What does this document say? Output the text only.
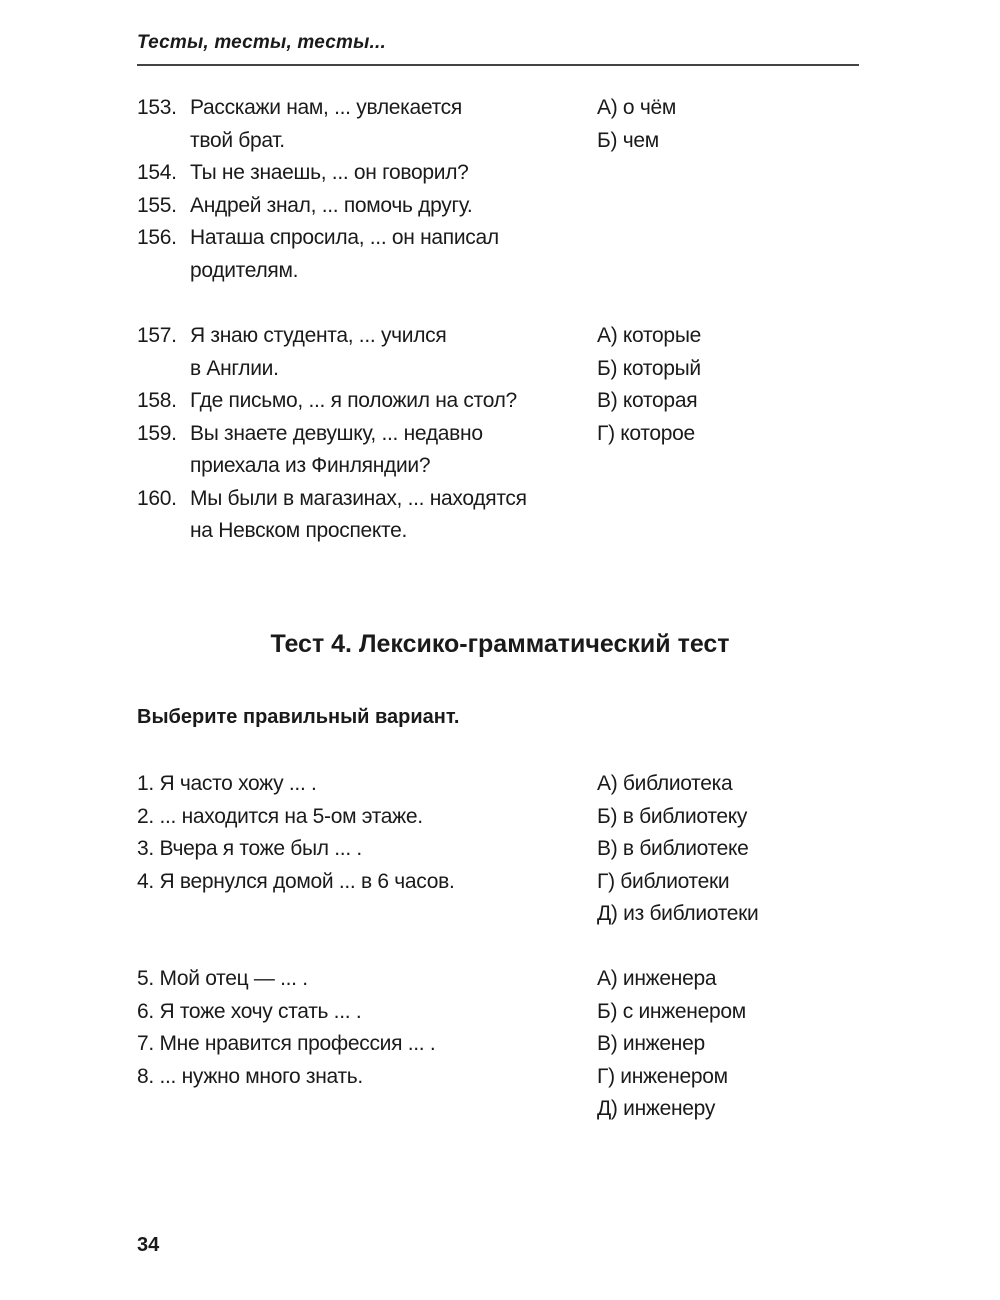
Тесты, тесты, тесты...
153. Расскажи нам, ... увлекается
твой брат.
154. Ты не знаешь, ... он говорил?
155. Андрей знал, ... помочь другу.
156. Наташа спросила, ... он написал
родителям.
А) о чём
Б) чем
157. Я знаю студента, ... учился
в Англии.
158. Где письмо, ... я положил на стол?
159. Вы знаете девушку, ... недавно
приехала из Финляндии?
160. Мы были в магазинах, ... находятся
на Невском проспекте.
А) которые
Б) который
В) которая
Г) которое
Тест 4. Лексико-грамматический тест
Выберите правильный вариант.
1. Я часто хожу ... .
2. ... находится на 5-ом этаже.
3. Вчера я тоже был ... .
4. Я вернулся домой ... в 6 часов.
А) библиотека
Б) в библиотеку
В) в библиотеке
Г) библиотеки
Д) из библиотеки
5. Мой отец — ... .
6. Я тоже хочу стать ... .
7. Мне нравится профессия ... .
8. ... нужно много знать.
А) инженера
Б) с инженером
В) инженер
Г) инженером
Д) инженеру
34
